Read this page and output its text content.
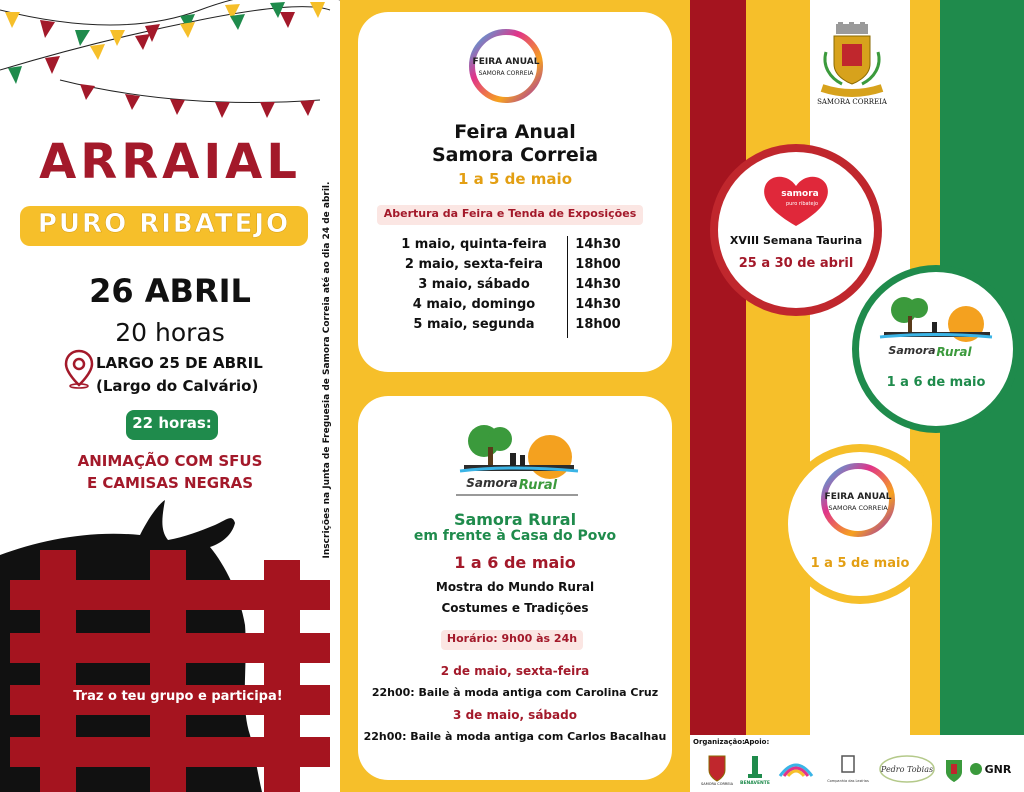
ARRAIAL
PURO RIBATEJO
26 ABRIL
20 horas
LARGO 25 DE ABRIL
(Largo do Calvário)
22 horas:
ANIMAÇÃO COM SFUS
E CAMISAS NEGRAS
Traz o teu grupo e participa!
Inscrições na Junta de Freguesia de Samora Correia até ao dia 24 de abril.
FEIRA ANUAL
SAMORA CORREIA
Feira Anual
Samora Correia
1 a 5 de maio
Abertura da Feira e Tenda de Exposições
1 maio, quinta-feira	14h30
2 maio, sexta-feira	18h00
3 maio, sábado	14h30
4 maio, domingo	14h30
5 maio, segunda	18h00
Samora Rural
Samora Rural
em frente à Casa do Povo
1 a 6 de maio
Mostra do Mundo Rural
Costumes e Tradições
Horário: 9h00 às 24h
2 de maio, sexta-feira
22h00: Baile à moda antiga com Carolina Cruz
3 de maio, sábado
22h00: Baile à moda antiga com Carlos Bacalhau
SAMORA CORREIA
samora
puro ribatejo
XVIII Semana Taurina
25 a 30 de abril
Samora Rural
1 a 6 de maio
FEIRA ANUAL
SAMORA CORREIA
1 a 5 de maio
Organização: Apoio:
SAMORA CORREIA BENAVENTE	Companhia das Lezírias
Pedro Tobias	GNR
